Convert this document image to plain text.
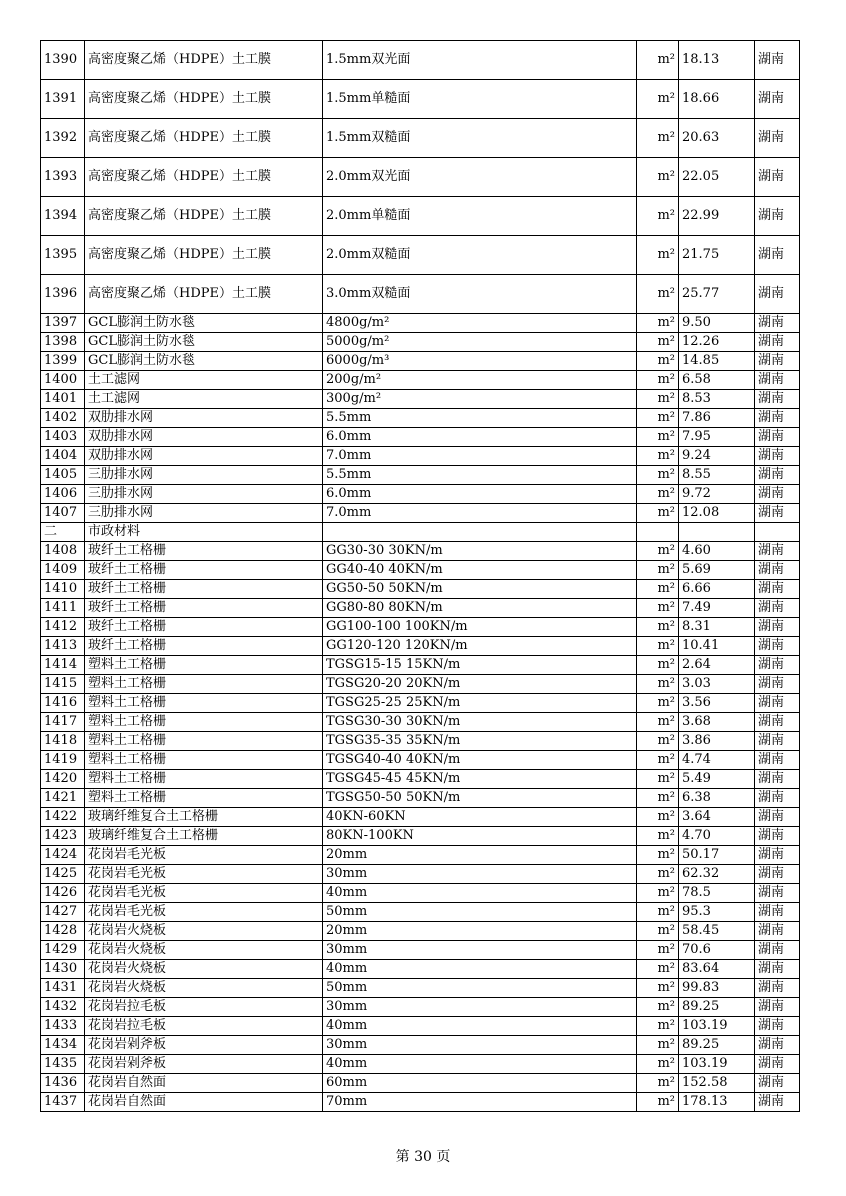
1390	高密度聚乙烯（HDPE）土工膜	1.5mm双光面	m²	18.13	湖南
1391	高密度聚乙烯（HDPE）土工膜	1.5mm单糙面	m²	18.66	湖南
1392	高密度聚乙烯（HDPE）土工膜	1.5mm双糙面	m²	20.63	湖南
1393	高密度聚乙烯（HDPE）土工膜	2.0mm双光面	m²	22.05	湖南
1394	高密度聚乙烯（HDPE）土工膜	2.0mm单糙面	m²	22.99	湖南
1395	高密度聚乙烯（HDPE）土工膜	2.0mm双糙面	m²	21.75	湖南
1396	高密度聚乙烯（HDPE）土工膜	3.0mm双糙面	m²	25.77	湖南
1397	GCL膨润土防水毯	4800g/m²	m²	9.50	湖南
1398	GCL膨润土防水毯	5000g/m²	m²	12.26	湖南
1399	GCL膨润土防水毯	6000g/m³	m²	14.85	湖南
1400	土工滤网	200g/m²	m²	6.58	湖南
1401	土工滤网	300g/m²	m²	8.53	湖南
1402	双肋排水网	5.5mm	m²	7.86	湖南
1403	双肋排水网	6.0mm	m²	7.95	湖南
1404	双肋排水网	7.0mm	m²	9.24	湖南
1405	三肋排水网	5.5mm	m²	8.55	湖南
1406	三肋排水网	6.0mm	m²	9.72	湖南
1407	三肋排水网	7.0mm	m²	12.08	湖南
二	市政材料				
1408	玻纤土工格栅	GG30-30 30KN/m	m²	4.60	湖南
1409	玻纤土工格栅	GG40-40 40KN/m	m²	5.69	湖南
1410	玻纤土工格栅	GG50-50 50KN/m	m²	6.66	湖南
1411	玻纤土工格栅	GG80-80 80KN/m	m²	7.49	湖南
1412	玻纤土工格栅	GG100-100 100KN/m	m²	8.31	湖南
1413	玻纤土工格栅	GG120-120 120KN/m	m²	10.41	湖南
1414	塑料土工格栅	TGSG15-15 15KN/m	m²	2.64	湖南
1415	塑料土工格栅	TGSG20-20 20KN/m	m²	3.03	湖南
1416	塑料土工格栅	TGSG25-25 25KN/m	m²	3.56	湖南
1417	塑料土工格栅	TGSG30-30 30KN/m	m²	3.68	湖南
1418	塑料土工格栅	TGSG35-35 35KN/m	m²	3.86	湖南
1419	塑料土工格栅	TGSG40-40 40KN/m	m²	4.74	湖南
1420	塑料土工格栅	TGSG45-45 45KN/m	m²	5.49	湖南
1421	塑料土工格栅	TGSG50-50 50KN/m	m²	6.38	湖南
1422	玻璃纤维复合土工格栅	40KN-60KN	m²	3.64	湖南
1423	玻璃纤维复合土工格栅	80KN-100KN	m²	4.70	湖南
1424	花岗岩毛光板	20mm	m²	50.17	湖南
1425	花岗岩毛光板	30mm	m²	62.32	湖南
1426	花岗岩毛光板	40mm	m²	78.5	湖南
1427	花岗岩毛光板	50mm	m²	95.3	湖南
1428	花岗岩火烧板	20mm	m²	58.45	湖南
1429	花岗岩火烧板	30mm	m²	70.6	湖南
1430	花岗岩火烧板	40mm	m²	83.64	湖南
1431	花岗岩火烧板	50mm	m²	99.83	湖南
1432	花岗岩拉毛板	30mm	m²	89.25	湖南
1433	花岗岩拉毛板	40mm	m²	103.19	湖南
1434	花岗岩剁斧板	30mm	m²	89.25	湖南
1435	花岗岩剁斧板	40mm	m²	103.19	湖南
1436	花岗岩自然面	60mm	m²	152.58	湖南
1437	花岗岩自然面	70mm	m²	178.13	湖南
第 30 页
